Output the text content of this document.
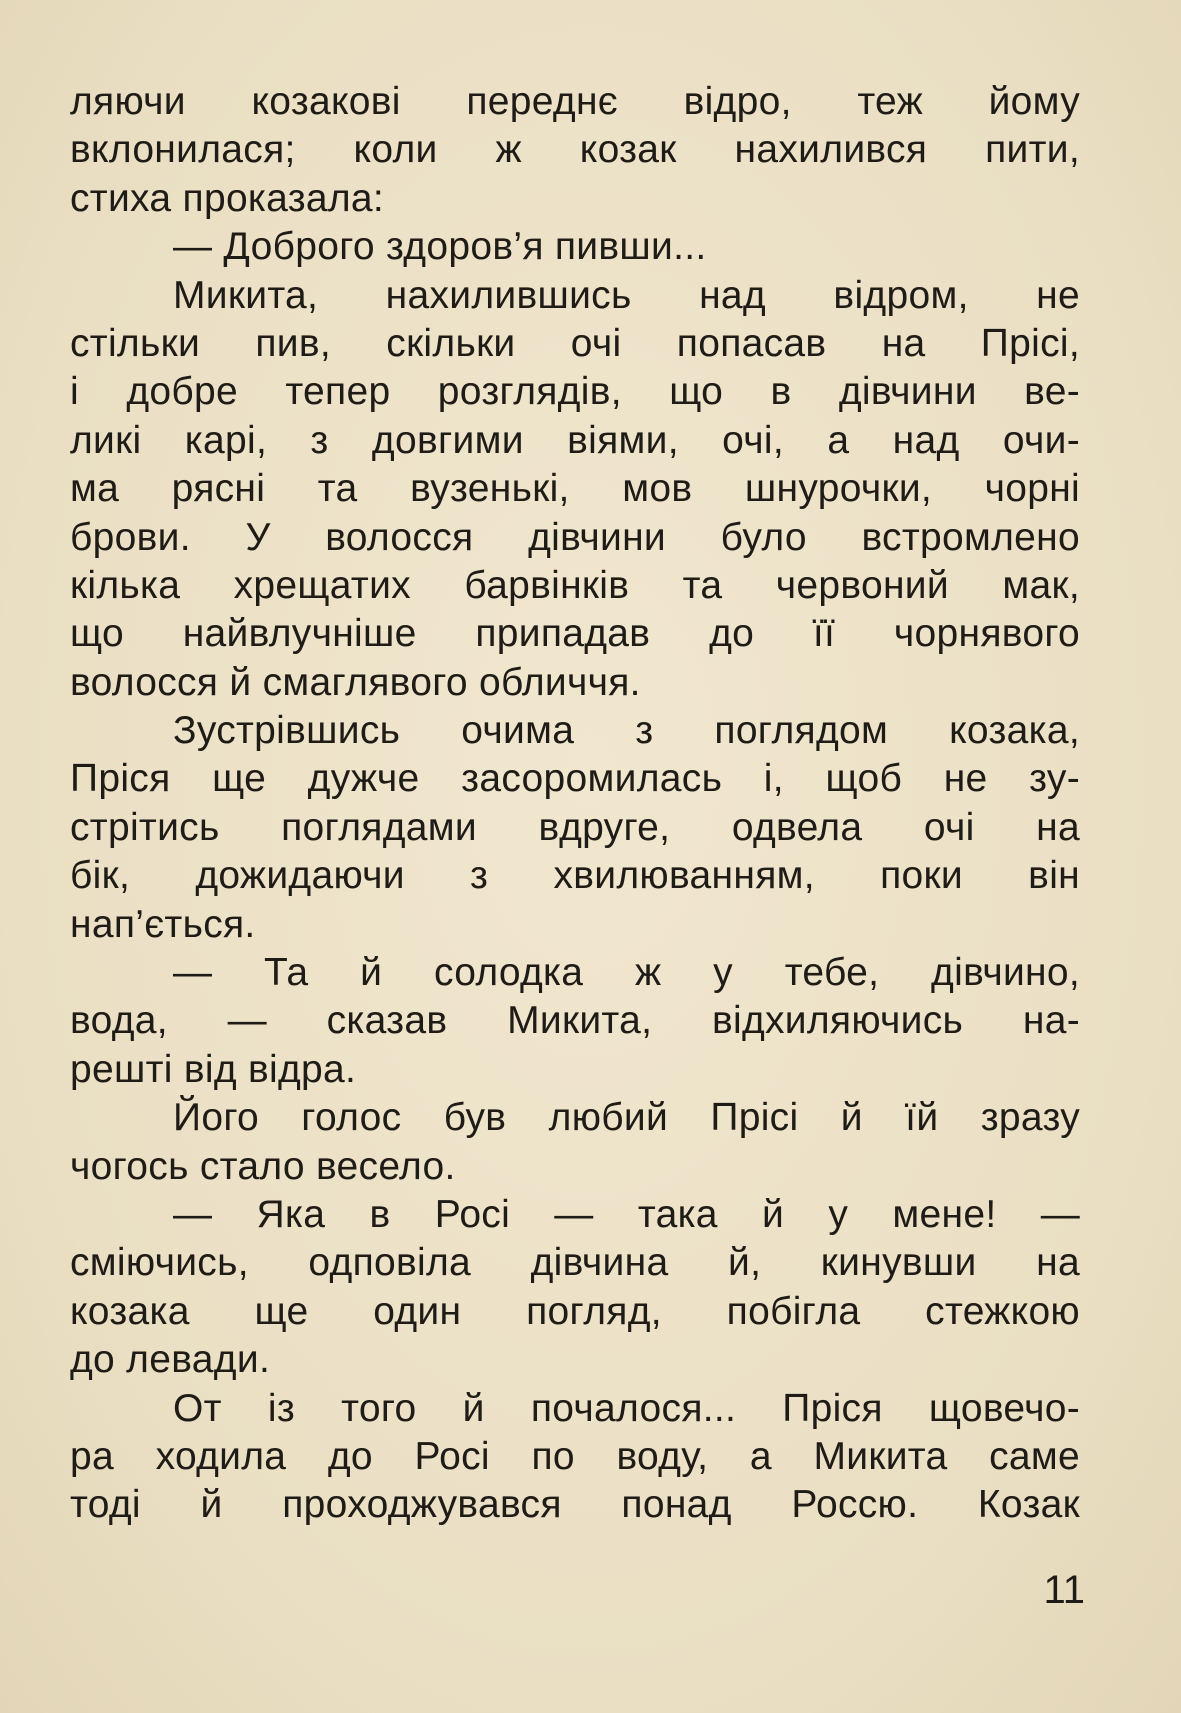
ляючи козакові переднє відро, теж йому
вклонилася; коли ж козак нахилився пити,
стиха проказала:
— Доброго здоров’я пивши...
Микита, нахилившись над відром, не
стільки пив, скільки очі попасав на Прісі,
і добре тепер розглядів, що в дівчини ве-
ликі карі, з довгими віями, очі, а над очи-
ма рясні та вузенькі, мов шнурочки, чорні
брови. У волосся дівчини було встромлено
кілька хрещатих барвінків та червоний мак,
що найвлучніше припадав до її чорнявого
волосся й смаглявого обличчя.
Зустрівшись очима з поглядом козака,
Пріся ще дужче засоромилась і, щоб не зу-
стрітись поглядами вдруге, одвела очі на
бік, дожидаючи з хвилюванням, поки він
нап’ється.
— Та й солодка ж у тебе, дівчино,
вода, — сказав Микита, відхиляючись на-
решті від відра.
Його голос був любий Прісі й їй зразу
чогось стало весело.
— Яка в Росі — така й у мене! —
сміючись, одповіла дівчина й, кинувши на
козака ще один погляд, побігла стежкою
до левади.
От із того й почалося... Пріся щовечо-
ра ходила до Росі по воду, а Микита саме
тоді й проходжувався понад Россю. Козак
11
